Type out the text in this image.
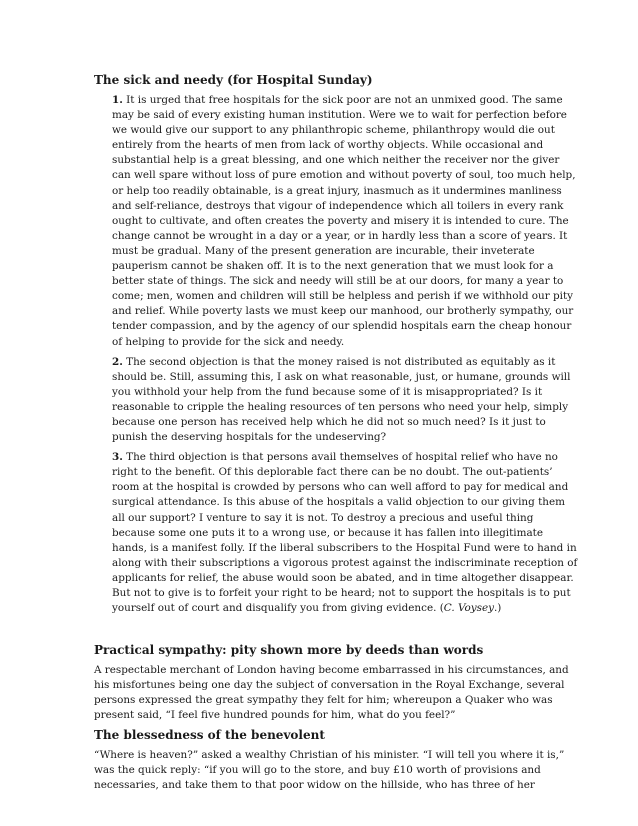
The sick and needy (for Hospital Sunday)

1. It is urged that free hospitals for the sick poor are not an unmixed good. The same may be said of every existing human institution. Were we to wait for perfection before we would give our support to any philanthropic scheme, philanthropy would die out entirely from the hearts of men from lack of worthy objects. While occasional and substantial help is a great blessing, and one which neither the receiver nor the giver can well spare without loss of pure emotion and without poverty of soul, too much help, or help too readily obtainable, is a great injury, inasmuch as it undermines manliness and self-reliance, destroys that vigour of independence which all toilers in every rank ought to cultivate, and often creates the poverty and misery it is intended to cure. The change cannot be wrought in a day or a year, or in hardly less than a score of years. It must be gradual. Many of the present generation are incurable, their inveterate pauperism cannot be shaken off. It is to the next generation that we must look for a better state of things. The sick and needy will still be at our doors, for many a year to come; men, women and children will still be helpless and perish if we withhold our pity and relief. While poverty lasts we must keep our manhood, our brotherly sympathy, our tender compassion, and by the agency of our splendid hospitals earn the cheap honour of helping to provide for the sick and needy.

2. The second objection is that the money raised is not distributed as equitably as it should be. Still, assuming this, I ask on what reasonable, just, or humane, grounds will you withhold your help from the fund because some of it is misappropriated? Is it reasonable to cripple the healing resources of ten persons who need your help, simply because one person has received help which he did not so much need? Is it just to punish the deserving hospitals for the undeserving?

3. The third objection is that persons avail themselves of hospital relief who have no right to the benefit. Of this deplorable fact there can be no doubt. The out-patients’ room at the hospital is crowded by persons who can well afford to pay for medical and surgical attendance. Is this abuse of the hospitals a valid objection to our giving them all our support? I venture to say it is not. To destroy a precious and useful thing because some one puts it to a wrong use, or because it has fallen into illegitimate hands, is a manifest folly. If the liberal subscribers to the Hospital Fund were to hand in along with their subscriptions a vigorous protest against the indiscriminate reception of applicants for relief, the abuse would soon be abated, and in time altogether disappear. But not to give is to forfeit your right to be heard; not to support the hospitals is to put yourself out of court and disqualify you from giving evidence. (C. Voysey.)

Practical sympathy: pity shown more by deeds than words

A respectable merchant of London having become embarrassed in his circumstances, and his misfortunes being one day the subject of conversation in the Royal Exchange, several persons expressed the great sympathy they felt for him; whereupon a Quaker who was present said, “I feel five hundred pounds for him, what do you feel?”

The blessedness of the benevolent

“Where is heaven?” asked a wealthy Christian of his minister. “I will tell you where it is,” was the quick reply: “if you will go to the store, and buy £10 worth of provisions and necessaries, and take them to that poor widow on the hillside, who has three of her
